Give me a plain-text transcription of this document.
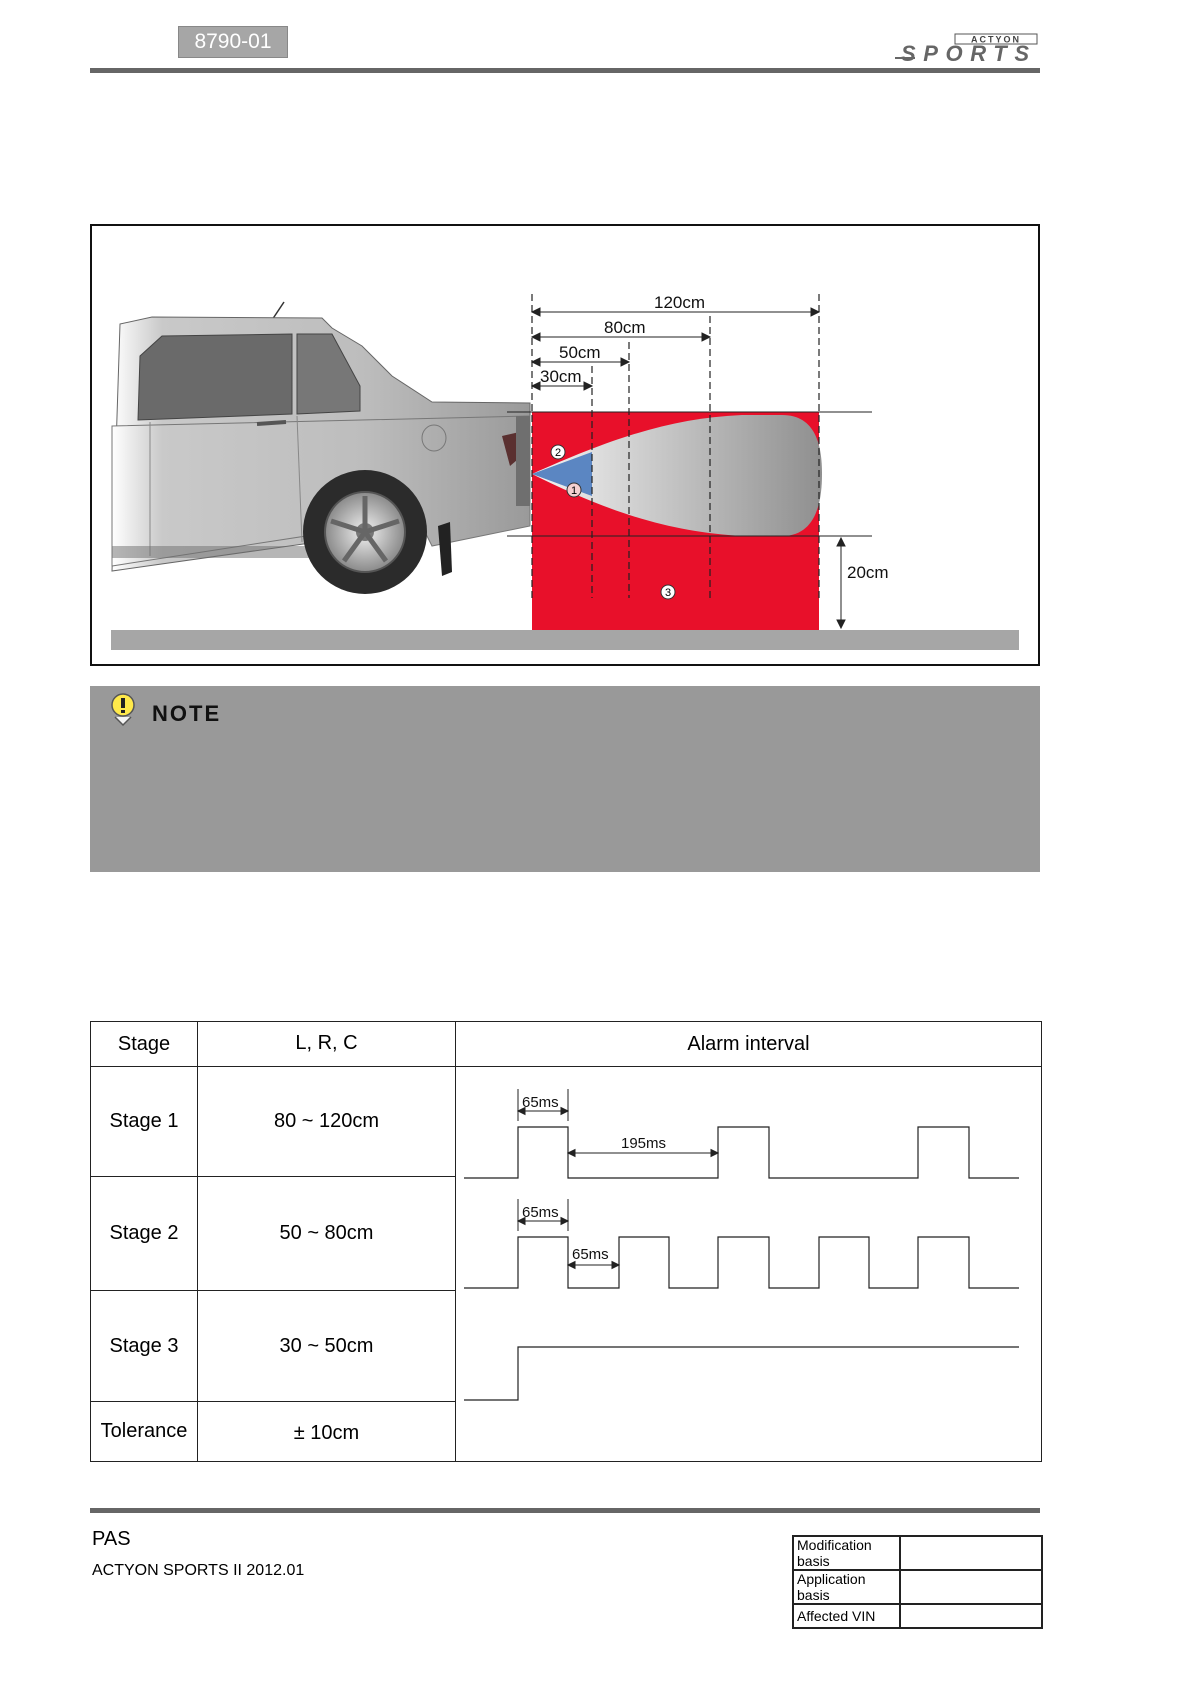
8790-01	ACTYON
SPORTS
120cm
80cm
50cm
30cm
20cm
1
2
3
NOTE
Stage	L, R, C	Alarm interval
Stage 1	80 ~ 120cm	65ms
195ms
65ms
65ms

Stage 2	50 ~ 80cm	
Stage 3	30 ~ 50cm	
Tolerance	± 10cm	
PAS
ACTYON SPORTS II 2012.01
Modification basis	
Application basis	
Affected VIN	
